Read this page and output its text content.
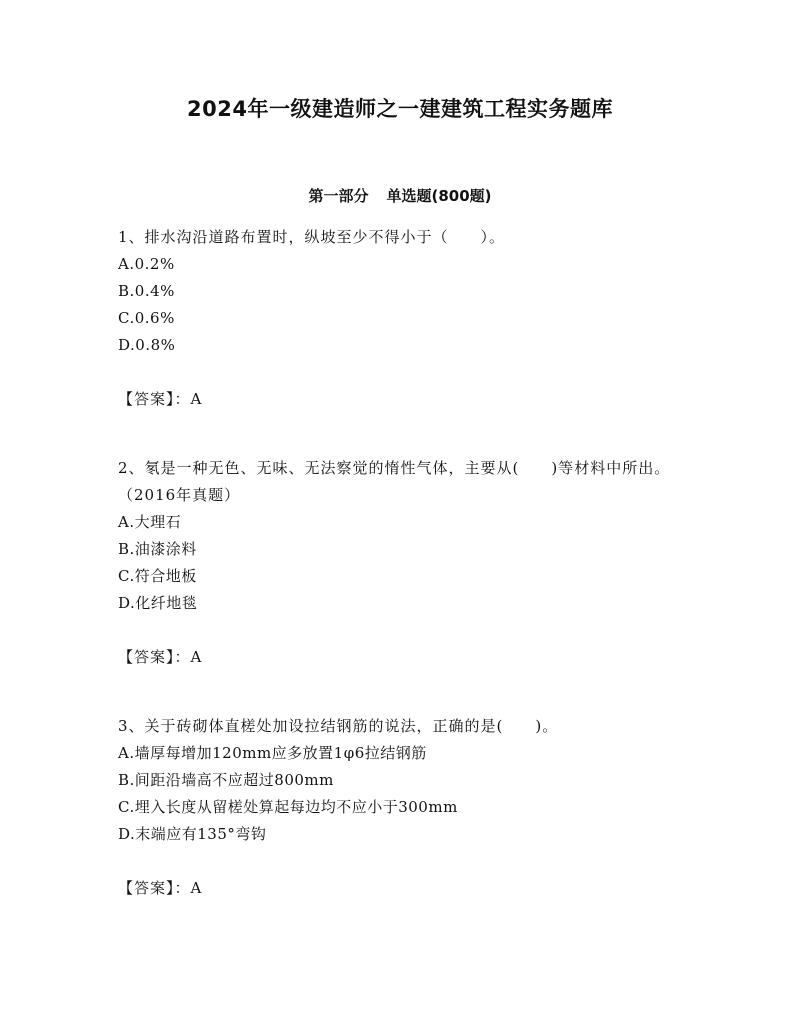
2024年一级建造师之一建建筑工程实务题库
第一部分 单选题(800题)

1、排水沟沿道路布置时，纵坡至少不得小于（　　）。

A.0.2%

B.0.4%

C.0.6%

D.0.8%

【答案】：A

2、氡是一种无色、无味、无法察觉的惰性气体，主要从(　　)等材料中所出。（2016年真题）

A.大理石

B.油漆涂料

C.符合地板

D.化纤地毯

【答案】：A

3、关于砖砌体直槎处加设拉结钢筋的说法，正确的是(　　)。

A.墙厚每增加120mm应多放置1φ6拉结钢筋

B.间距沿墙高不应超过800mm

C.埋入长度从留槎处算起每边均不应小于300mm

D.末端应有135°弯钩

【答案】：A
